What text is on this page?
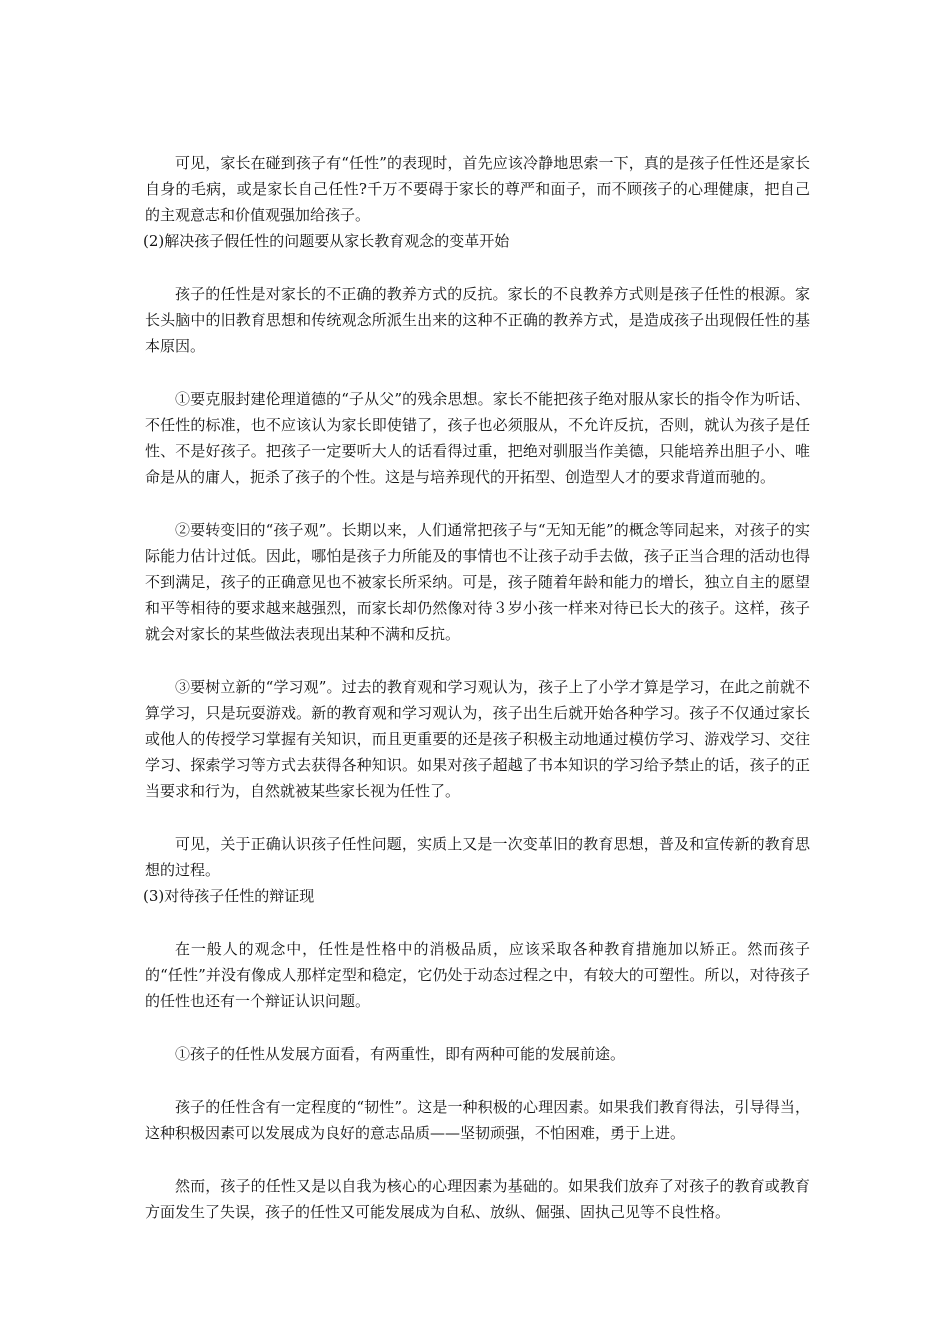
可见，家长在碰到孩子有“任性”的表现时，首先应该冷静地思索一下，真的是孩子任性还是家长自身的毛病，或是家长自己任性?千万不要碍于家长的尊严和面子，而不顾孩子的心理健康，把自己的主观意志和价值观强加给孩子。

(2)解决孩子假任性的问题要从家长教育观念的变革开始

孩子的任性是对家长的不正确的教养方式的反抗。家长的不良教养方式则是孩子任性的根源。家长头脑中的旧教育思想和传统观念所派生出来的这种不正确的教养方式，是造成孩子出现假任性的基本原因。

①要克服封建伦理道德的“子从父”的残余思想。家长不能把孩子绝对服从家长的指令作为听话、不任性的标准，也不应该认为家长即使错了，孩子也必须服从，不允许反抗，否则，就认为孩子是任性、不是好孩子。把孩子一定要听大人的话看得过重，把绝对驯服当作美德，只能培养出胆子小、唯命是从的庸人，扼杀了孩子的个性。这是与培养现代的开拓型、创造型人才的要求背道而驰的。

②要转变旧的“孩子观”。长期以来，人们通常把孩子与“无知无能”的概念等同起来，对孩子的实际能力估计过低。因此，哪怕是孩子力所能及的事情也不让孩子动手去做，孩子正当合理的活动也得不到满足，孩子的正确意见也不被家长所采纳。可是，孩子随着年龄和能力的增长，独立自主的愿望和平等相待的要求越来越强烈，而家长却仍然像对待３岁小孩一样来对待已长大的孩子。这样，孩子就会对家长的某些做法表现出某种不满和反抗。

③要树立新的“学习观”。过去的教育观和学习观认为，孩子上了小学才算是学习，在此之前就不算学习，只是玩耍游戏。新的教育观和学习观认为，孩子出生后就开始各种学习。孩子不仅通过家长或他人的传授学习掌握有关知识，而且更重要的还是孩子积极主动地通过模仿学习、游戏学习、交往学习、探索学习等方式去获得各种知识。如果对孩子超越了书本知识的学习给予禁止的话，孩子的正当要求和行为，自然就被某些家长视为任性了。

可见，关于正确认识孩子任性问题，实质上又是一次变革旧的教育思想，普及和宣传新的教育思想的过程。

(3)对待孩子任性的辩证现

在一般人的观念中，任性是性格中的消极品质，应该采取各种教育措施加以矫正。然而孩子的“任性”并没有像成人那样定型和稳定，它仍处于动态过程之中，有较大的可塑性。所以，对待孩子的任性也还有一个辩证认识问题。

①孩子的任性从发展方面看，有两重性，即有两种可能的发展前途。

孩子的任性含有一定程度的“韧性”。这是一种积极的心理因素。如果我们教育得法，引导得当，这种积极因素可以发展成为良好的意志品质——坚韧顽强，不怕困难，勇于上进。

然而，孩子的任性又是以自我为核心的心理因素为基础的。如果我们放弃了对孩子的教育或教育方面发生了失误，孩子的任性又可能发展成为自私、放纵、倔强、固执己见等不良性格。
